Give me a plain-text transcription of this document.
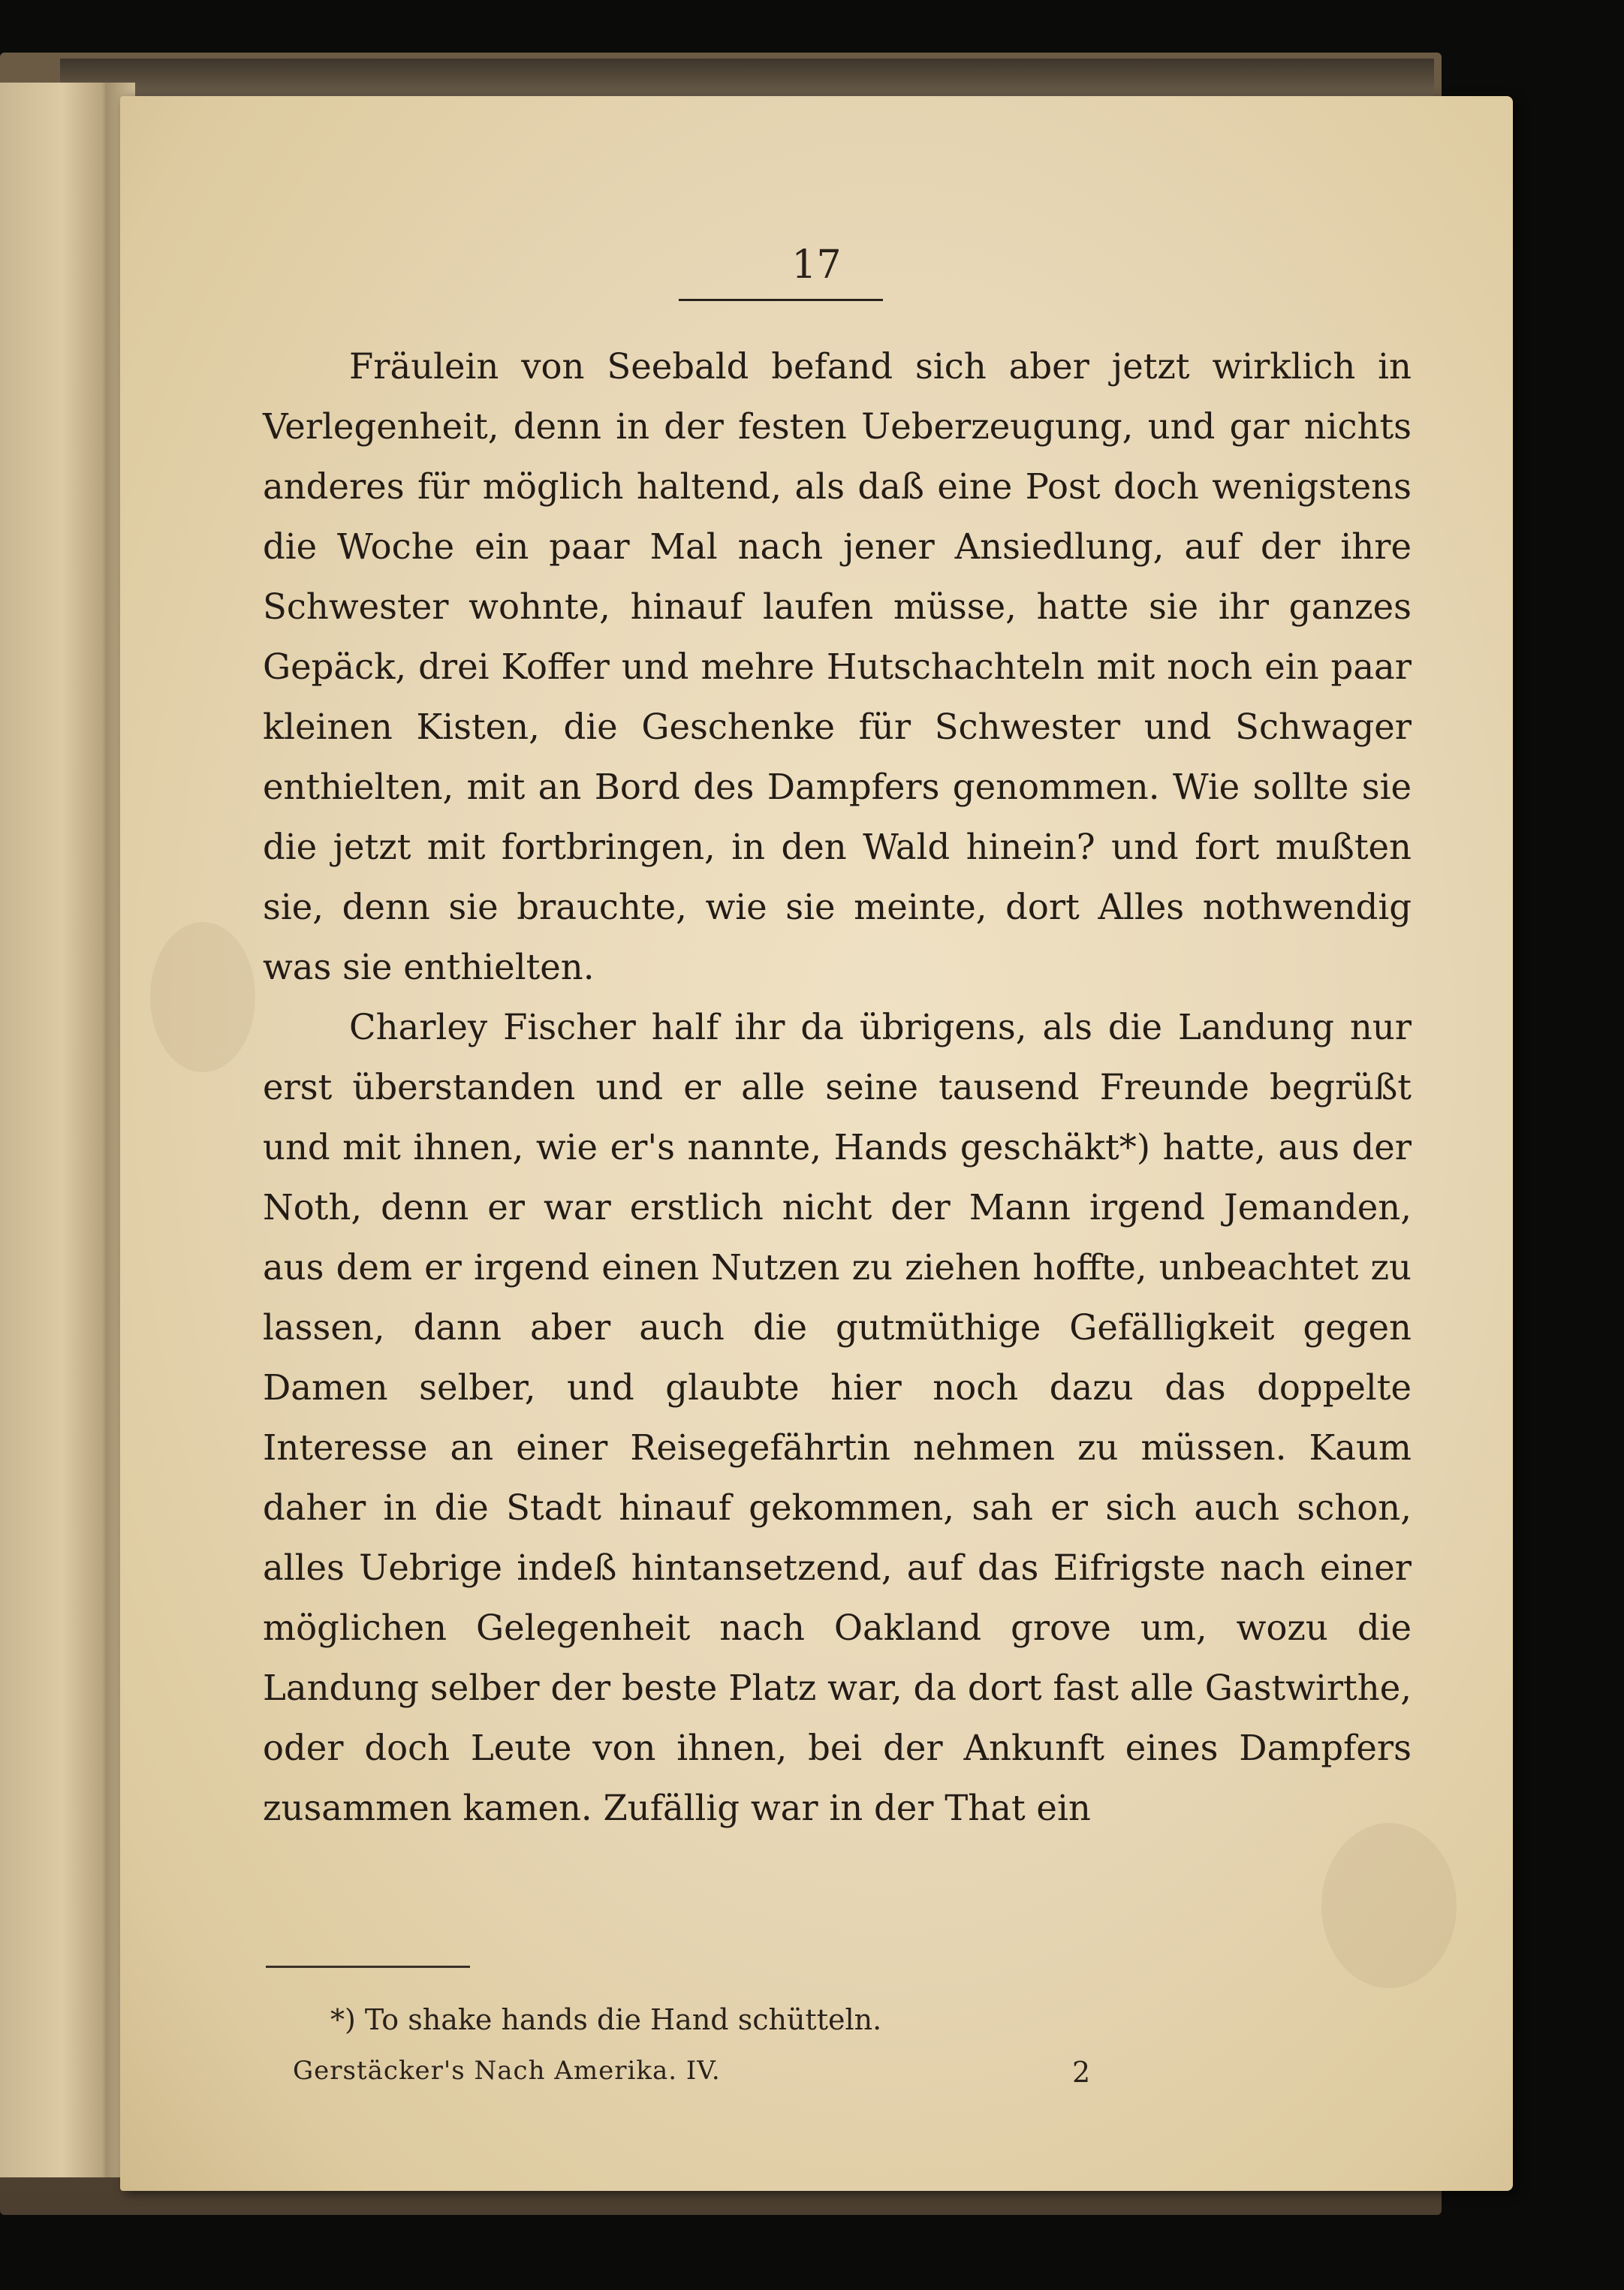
17

Fräulein von Seebald befand sich aber jetzt wirklich in Verlegenheit, denn in der festen Ueberzeugung, und gar nichts anderes für möglich haltend, als daß eine Post doch wenigstens die Woche ein paar Mal nach jener Ansiedlung, auf der ihre Schwester wohnte, hinauf laufen müsse, hatte sie ihr ganzes Gepäck, drei Koffer und mehre Hutschachteln mit noch ein paar kleinen Kisten, die Geschenke für Schwester und Schwager enthielten, mit an Bord des Dampfers genommen. Wie sollte sie die jetzt mit fortbringen, in den Wald hinein? und fort mußten sie, denn sie brauchte, wie sie meinte, dort Alles nothwendig was sie enthielten.

Charley Fischer half ihr da übrigens, als die Landung nur erst überstanden und er alle seine tausend Freunde begrüßt und mit ihnen, wie er's nannte, Hands geschäkt*) hatte, aus der Noth, denn er war erstlich nicht der Mann irgend Jemanden, aus dem er irgend einen Nutzen zu ziehen hoffte, unbeachtet zu lassen, dann aber auch die gutmüthige Gefälligkeit gegen Damen selber, und glaubte hier noch dazu das doppelte Interesse an einer Reisegefährtin nehmen zu müssen. Kaum daher in die Stadt hinauf gekommen, sah er sich auch schon, alles Uebrige indeß hintansetzend, auf das Eifrigste nach einer möglichen Gelegenheit nach Oakland grove um, wozu die Landung selber der beste Platz war, da dort fast alle Gastwirthe, oder doch Leute von ihnen, bei der Ankunft eines Dampfers zusammen kamen. Zufällig war in der That ein

*) To shake hands die Hand schütteln.
Gerstäcker's Nach Amerika. IV.	2
